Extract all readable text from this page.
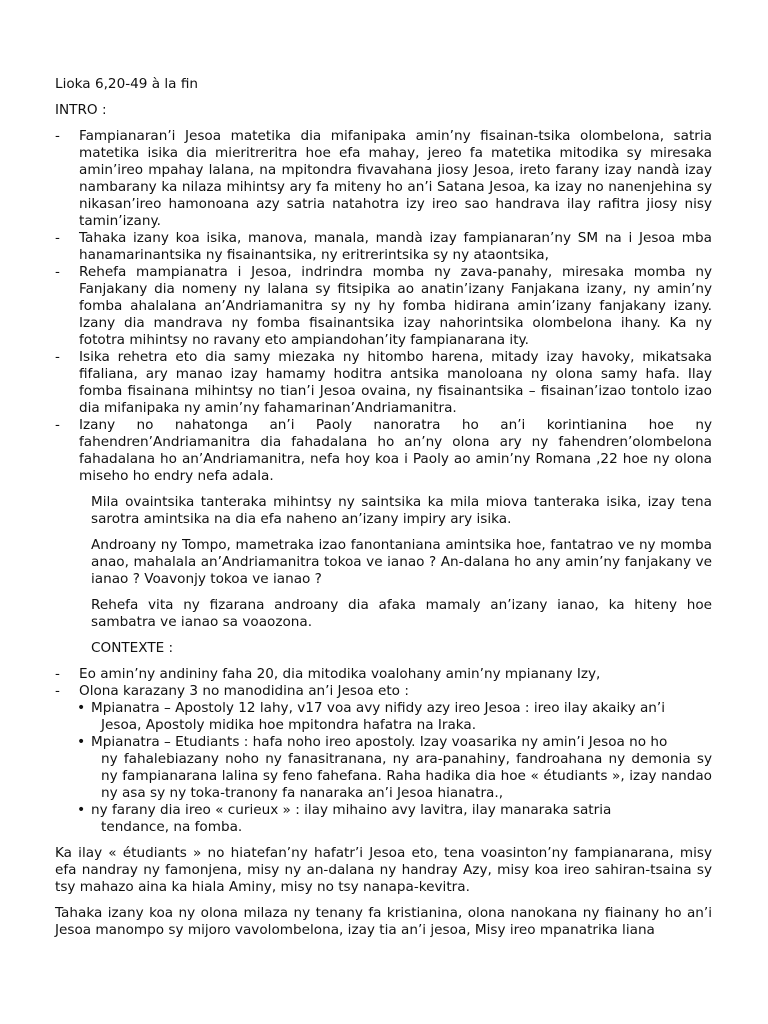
Lioka 6,20-49 à la fin
INTRO :
- Fampianaran’i Jesoa matetika dia mifanipaka amin’ny fisainan-tsika olombelona, satria matetika isika dia mieritreritra hoe efa mahay, jereo fa matetika mitodika sy miresaka amin’ireo mpahay lalana, na mpitondra fivavahana jiosy Jesoa, ireto farany izay nandà izay nambarany ka nilaza mihintsy ary fa miteny ho an’i Satana Jesoa, ka izay no nanenjehina sy nikasan’ireo hamonoana azy satria natahotra izy ireo sao handrava ilay rafitra jiosy nisy tamin’izany.
- Tahaka izany koa isika, manova, manala, mandà izay fampianaran’ny SM na i Jesoa mba hanamarinantsika ny fisainantsika, ny eritrerintsika sy ny ataontsika,
- Rehefa mampianatra i Jesoa, indrindra momba ny zava-panahy, miresaka momba ny Fanjakany dia nomeny ny lalana sy fitsipika ao anatin’izany Fanjakana izany, ny amin’ny fomba ahalalana an’Andriamanitra sy ny hy fomba hidirana amin’izany fanjakany izany. Izany dia mandrava ny fomba fisainantsika izay nahorintsika olombelona ihany. Ka ny fototra mihintsy no ravany eto ampiandohan’ity fampianarana ity.
- Isika rehetra eto dia samy miezaka ny hitombo harena, mitady izay havoky, mikatsaka fifaliana, ary manao izay hamamy hoditra antsika manoloana ny olona samy hafa. Ilay fomba fisainana mihintsy no tian’i Jesoa ovaina, ny fisainantsika – fisainan’izao tontolo izao dia mifanipaka ny amin’ny fahamarinan’Andriamanitra.
- Izany no nahatonga an’i Paoly nanoratra ho an’i korintianina hoe ny fahendren’Andriamanitra dia fahadalana ho an’ny olona ary ny fahendren’olombelona fahadalana ho an’Andriamanitra, nefa hoy koa i Paoly ao amin’ny Romana ,22 hoe ny olona miseho ho endry nefa adala.
Mila ovaintsika tanteraka mihintsy ny saintsika ka mila miova tanteraka isika, izay tena sarotra amintsika na dia efa naheno an’izany impiry ary isika.
Androany ny Tompo, mametraka izao fanontaniana amintsika hoe, fantatrao ve ny momba anao, mahalala an’Andriamanitra tokoa ve ianao ? An-dalana ho any amin’ny fanjakany ve ianao ? Voavonjy tokoa ve ianao ?
Rehefa vita ny fizarana androany dia afaka mamaly an’izany ianao, ka hiteny hoe sambatra ve ianao sa voaozona.
CONTEXTE :
- Eo amin’ny andininy faha 20, dia mitodika voalohany amin’ny mpianany Izy,
- Olona karazany 3 no manodidina an’i Jesoa eto :
• Mpianatra – Apostoly 12 lahy, v17 voa avy nifidy azy ireo Jesoa : ireo ilay akaiky an’i
Jesoa, Apostoly midika hoe mpitondra hafatra na Iraka.
• Mpianatra – Etudiants : hafa noho ireo apostoly. Izay voasarika ny amin’i Jesoa no ho
ny fahalebiazany noho ny fanasitranana, ny ara-panahiny, fandroahana ny demonia sy ny fampianarana lalina sy feno fahefana. Raha hadika dia hoe « étudiants », izay nandao ny asa sy ny toka-tranony fa nanaraka an’i Jesoa hianatra.,
• ny farany dia ireo « curieux » : ilay mihaino avy lavitra, ilay manaraka satria
tendance, na fomba.
Ka ilay « étudiants » no hiatefan’ny hafatr’i Jesoa eto, tena voasinton’ny fampianarana, misy efa nandray ny famonjena, misy ny an-dalana ny handray Azy, misy koa ireo sahiran-tsaina sy tsy mahazo aina ka hiala Aminy, misy no tsy nanapa-kevitra.
Tahaka izany koa ny olona milaza ny tenany fa kristianina, olona nanokana ny fiainany ho an’i Jesoa manompo sy mijoro vavolombelona, izay tia an’i jesoa, Misy ireo mpanatrika liana
